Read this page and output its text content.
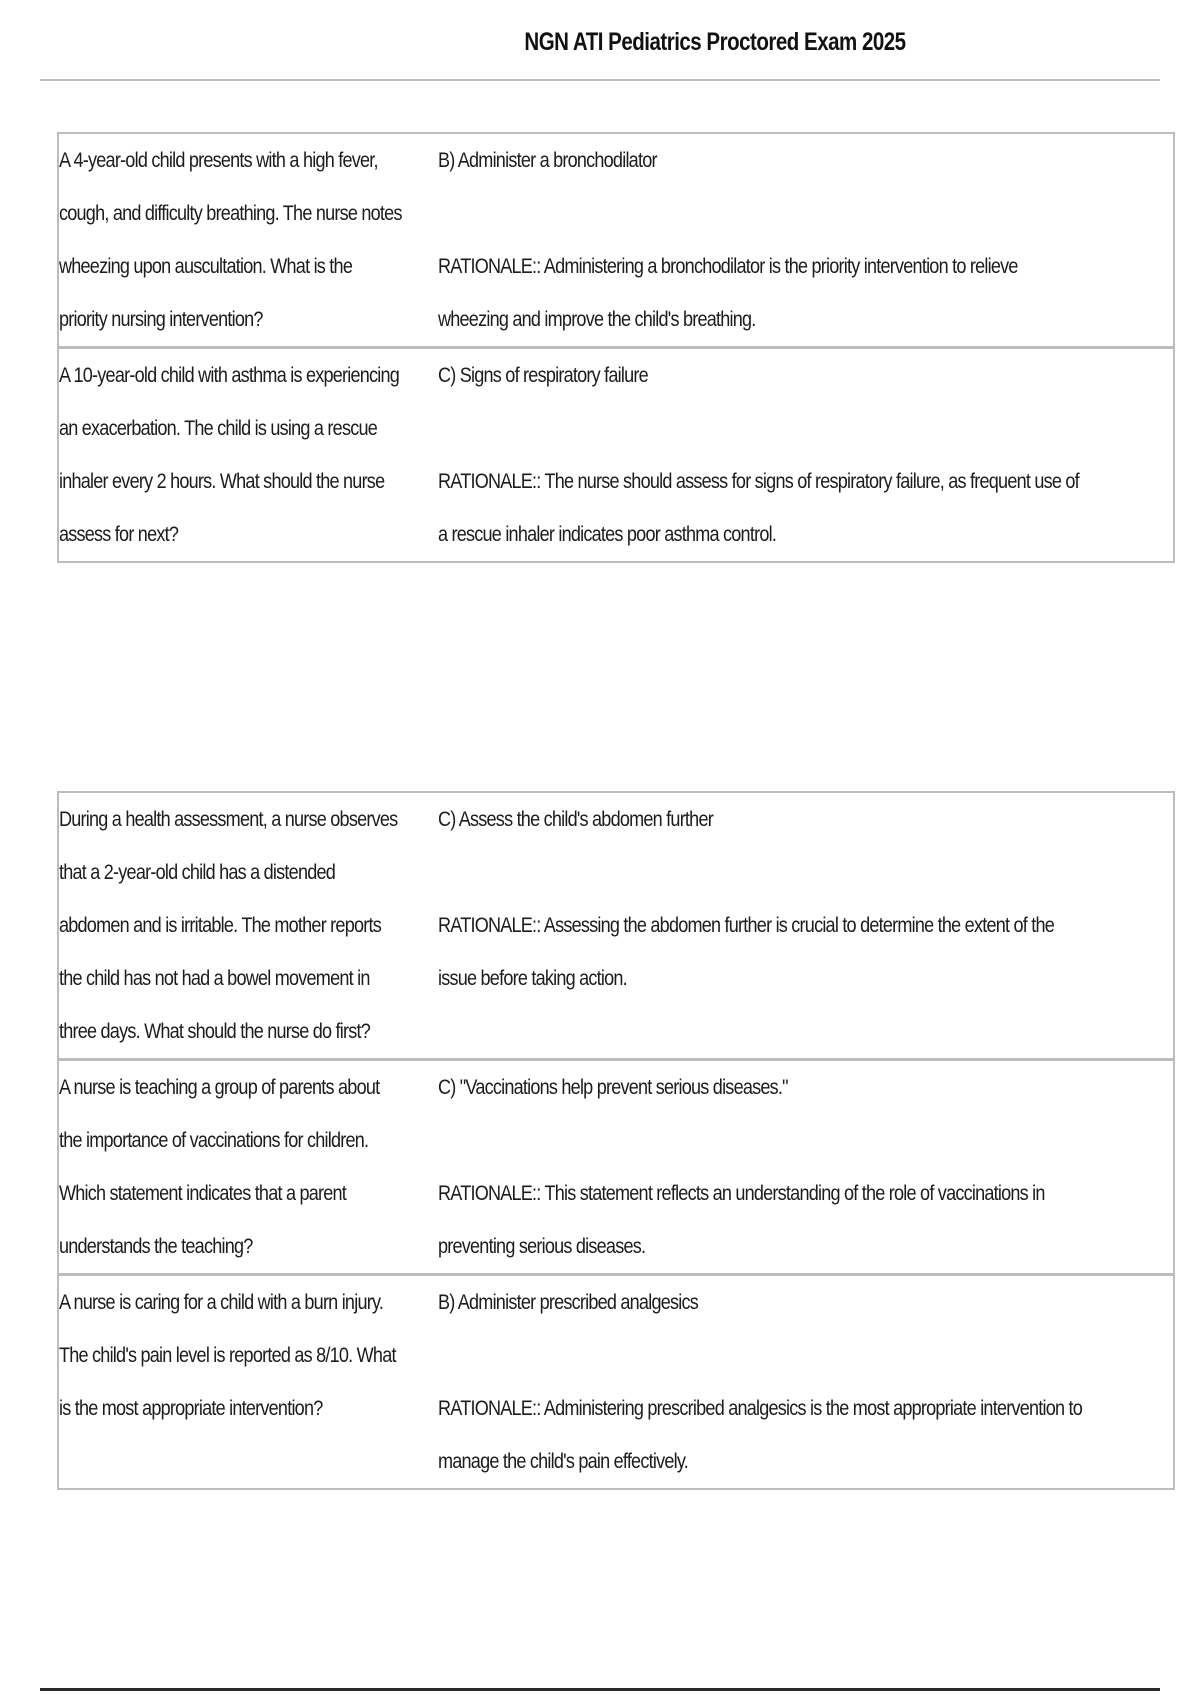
NGN ATI Pediatrics Proctored Exam 2025
A 4-year-old child presents with a high fever, cough, and difficulty breathing. The nurse notes wheezing upon auscultation. What is the priority nursing intervention?	B) Administer a bronchodilator
RATIONALE:: Administering a bronchodilator is the priority intervention to relieve wheezing and improve the child's breathing.

A 10-year-old child with asthma is experiencing an exacerbation. The child is using a rescue inhaler every 2 hours. What should the nurse assess for next?	C) Signs of respiratory failure
RATIONALE:: The nurse should assess for signs of respiratory failure, as frequent use of a rescue inhaler indicates poor asthma control.
During a health assessment, a nurse observes that a 2-year-old child has a distended abdomen and is irritable. The mother reports the child has not had a bowel movement in three days. What should the nurse do first?	C) Assess the child's abdomen further
RATIONALE:: Assessing the abdomen further is crucial to determine the extent of the issue before taking action.

A nurse is teaching a group of parents about the importance of vaccinations for children. Which statement indicates that a parent understands the teaching?	C) "Vaccinations help prevent serious diseases."
RATIONALE:: This statement reflects an understanding of the role of vaccinations in preventing serious diseases.

A nurse is caring for a child with a burn injury. The child's pain level is reported as 8/10. What is the most appropriate intervention?	B) Administer prescribed analgesics
RATIONALE:: Administering prescribed analgesics is the most appropriate intervention to manage the child's pain effectively.
